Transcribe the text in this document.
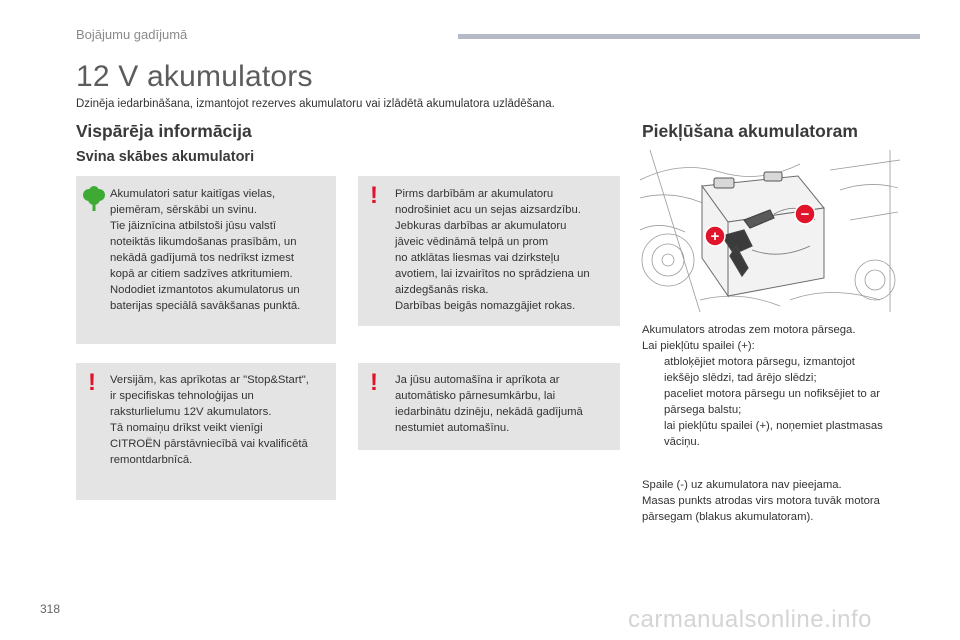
Bojājumu gadījumā
12 V akumulators
Dzinēja iedarbināšana, izmantojot rezerves akumulatoru vai izlādētā akumulatora uzlādēšana.
Vispārēja informācija
Svina skābes akumulatori
Akumulatori satur kaitīgas vielas,
piemēram, sērskābi un svinu.
Tie jāiznīcina atbilstoši jūsu valstī
noteiktās likumdošanas prasībām, un
nekādā gadījumā tos nedrīkst izmest
kopā ar citiem sadzīves atkritumiem.
Nododiet izmantotos akumulatorus un
baterijas speciālā savākšanas punktā.
! Pirms darbībām ar akumulatoru
nodrošiniet acu un sejas aizsardzību.
Jebkuras darbības ar akumulatoru
jāveic vēdināmā telpā un prom
no atklātas liesmas vai dzirksteļu
avotiem, lai izvairītos no sprādziena un
aizdegšanās riska.
Darbības beigās nomazgājiet rokas.
! Versijām, kas aprīkotas ar "Stop&Start",
ir specifiskas tehnoloģijas un
raksturlielumu 12V akumulators.
Tā nomaiņu drīkst veikt vienīgi
CITROËN pārstāvniecībā vai kvalificētā
remontdarbnīcā.
! Ja jūsu automašīna ir aprīkota ar
automātisko pārnesumkārbu, lai
iedarbinātu dzinēju, nekādā gadījumā
nestumiet automašīnu.
Piekļūšana akumulatoram
+
−
Akumulators atrodas zem motora pārsega.
Lai piekļūtu spailei (+):
atbloķējiet motora pārsegu, izmantojot
iekšējo slēdzi, tad ārējo slēdzi;
paceliet motora pārsegu un nofiksējiet to ar
pārsega balstu;
lai piekļūtu spailei (+), noņemiet plastmasas
vāciņu.
Spaile (-) uz akumulatora nav pieejama.
Masas punkts atrodas virs motora tuvāk motora
pārsegam (blakus akumulatoram).
318	carmanualsonline.info
